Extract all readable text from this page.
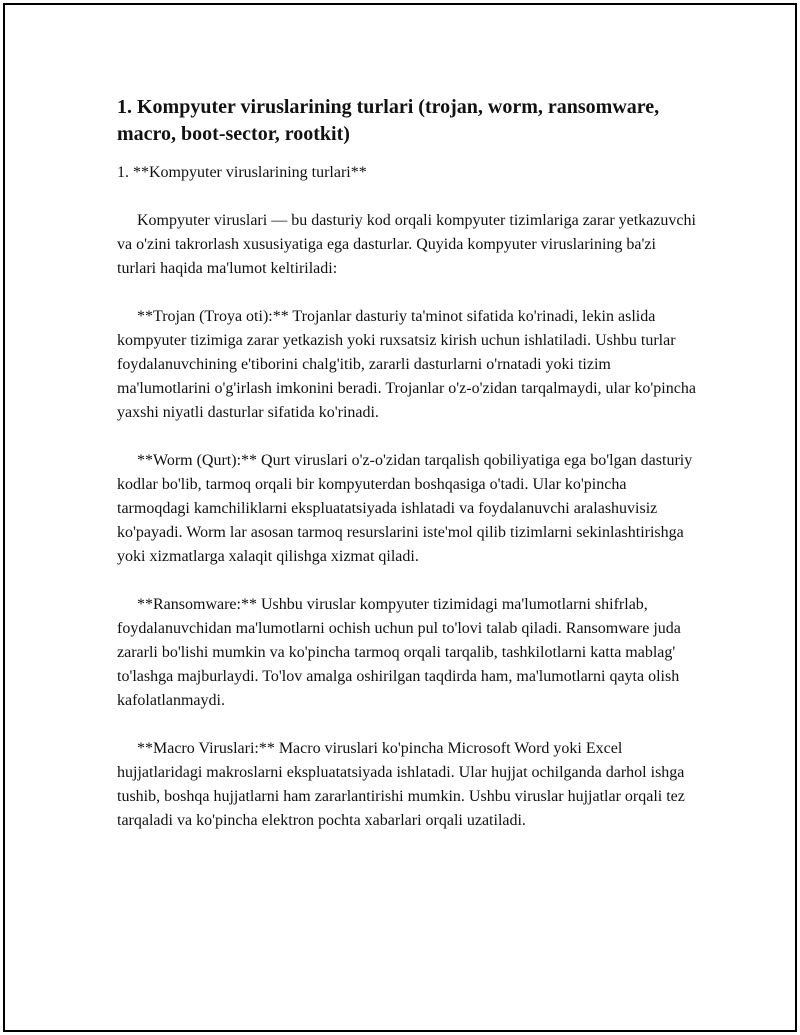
1. Kompyuter viruslarining turlari (trojan, worm, ransomware, macro, boot-sector, rootkit)
1. **Kompyuter viruslarining turlari**

Kompyuter viruslari — bu dasturiy kod orqali kompyuter tizimlariga zarar yetkazuvchi va o'zini takrorlash xususiyatiga ega dasturlar. Quyida kompyuter viruslarining ba'zi turlari haqida ma'lumot keltiriladi:

**Trojan (Troya oti):** Trojanlar dasturiy ta'minot sifatida ko'rinadi, lekin aslida kompyuter tizimiga zarar yetkazish yoki ruxsatsiz kirish uchun ishlatiladi. Ushbu turlar foydalanuvchining e'tiborini chalg'itib, zararli dasturlarni o'rnatadi yoki tizim ma'lumotlarini o'g'irlash imkonini beradi. Trojanlar o'z-o'zidan tarqalmaydi, ular ko'pincha yaxshi niyatli dasturlar sifatida ko'rinadi.

**Worm (Qurt):** Qurt viruslari o'z-o'zidan tarqalish qobiliyatiga ega bo'lgan dasturiy kodlar bo'lib, tarmoq orqali bir kompyuterdan boshqasiga o'tadi. Ular ko'pincha tarmoqdagi kamchiliklarni ekspluatatsiyada ishlatadi va foydalanuvchi aralashuvisiz ko'payadi. Worm lar asosan tarmoq resurslarini iste'mol qilib tizimlarni sekinlashtirishga yoki xizmatlarga xalaqit qilishga xizmat qiladi.

**Ransomware:** Ushbu viruslar kompyuter tizimidagi ma'lumotlarni shifrlab, foydalanuvchidan ma'lumotlarni ochish uchun pul to'lovi talab qiladi. Ransomware juda zararli bo'lishi mumkin va ko'pincha tarmoq orqali tarqalib, tashkilotlarni katta mablag' to'lashga majburlaydi. To'lov amalga oshirilgan taqdirda ham, ma'lumotlarni qayta olish kafolatlanmaydi.

**Macro Viruslari:** Macro viruslari ko'pincha Microsoft Word yoki Excel hujjatlaridagi makroslarni ekspluatatsiyada ishlatadi. Ular hujjat ochilganda darhol ishga tushib, boshqa hujjatlarni ham zararlantirishi mumkin. Ushbu viruslar hujjatlar orqali tez tarqaladi va ko'pincha elektron pochta xabarlari orqali uzatiladi.
